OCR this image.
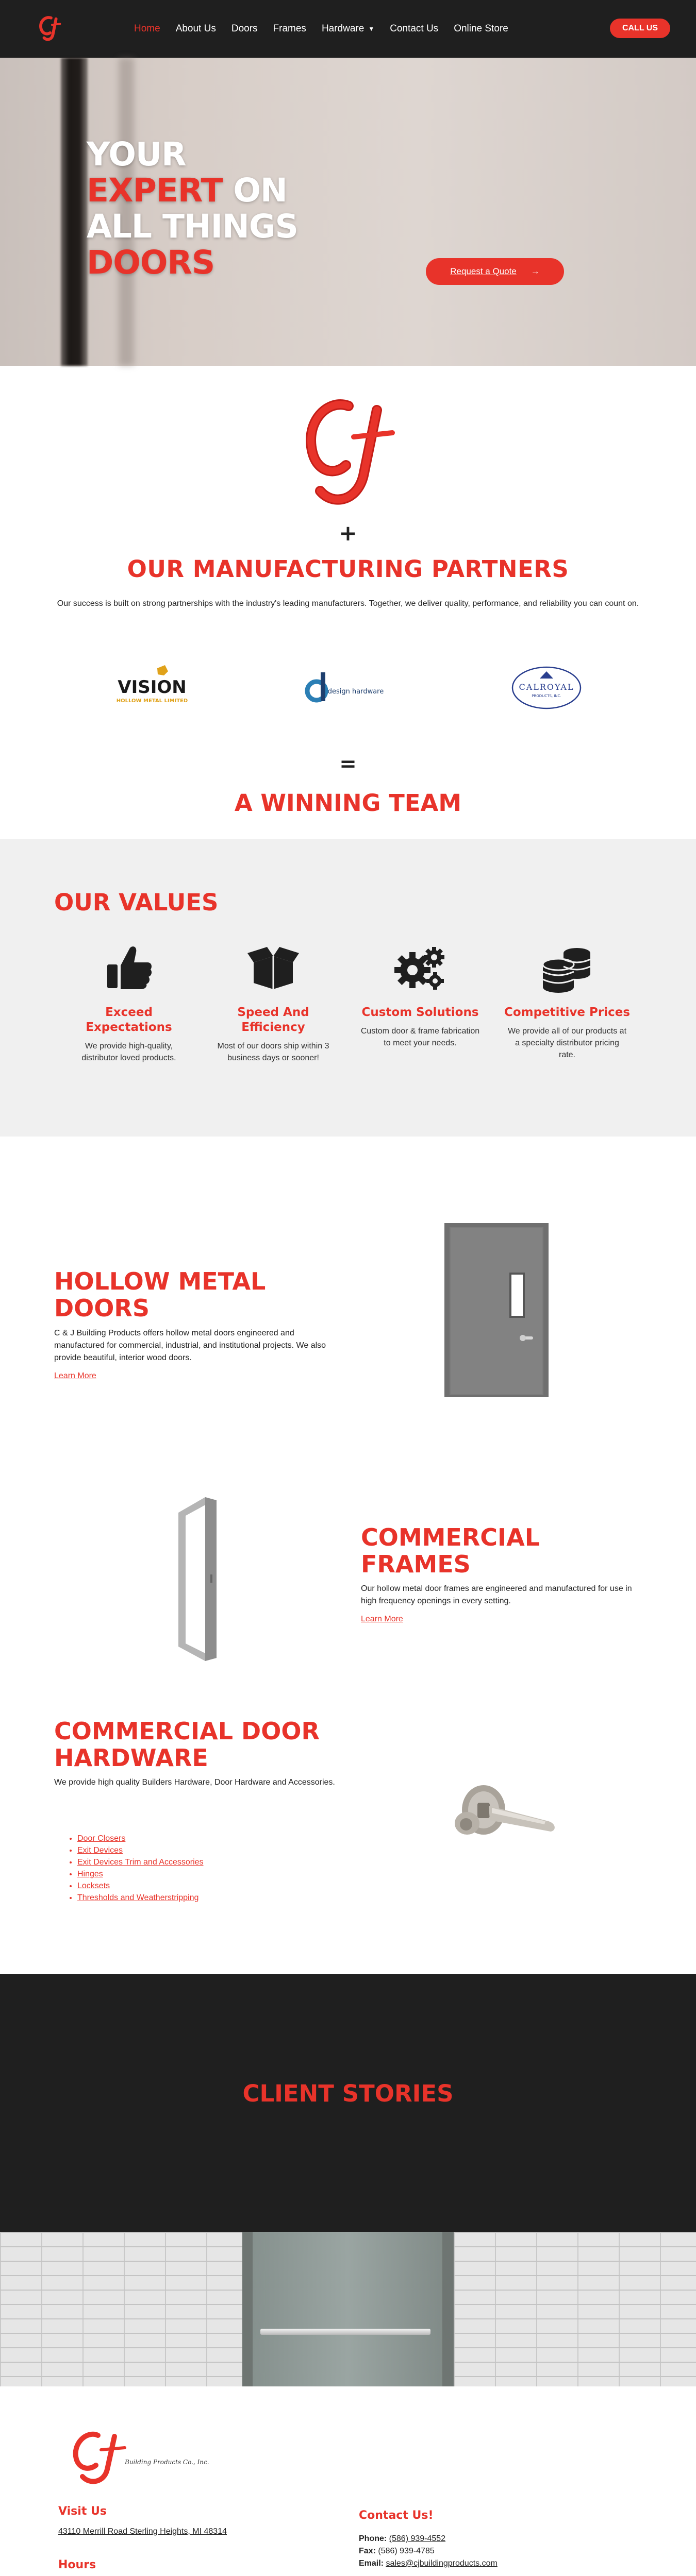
Home About Us Doors Frames Hardware ▼ Contact Us Online Store	CALL US
YOUR
EXPERT ON
ALL THINGS
DOORS	Request a Quote →
+
OUR MANUFACTURING PARTNERS

Our success is built on strong partnerships with the industry's leading manufacturers. Together, we deliver quality, performance, and reliability you can count on.

VISION
HOLLOW METAL LIMITED
design hardware	CALROYAL
PRODUCTS, INC.
=
A WINNING TEAM
OUR VALUES
Exceed Expectations
We provide high-quality, distributor loved products.
Speed And Efficiency
Most of our doors ship within 3 business days or sooner!
Custom Solutions
Custom door & frame fabrication to meet your needs.
Competitive Prices
We provide all of our products at a specialty distributor pricing rate.
HOLLOW METAL DOORS

C & J Building Products offers hollow metal doors engineered and manufactured for commercial, industrial, and institutional projects. We also provide beautiful, interior wood doors.

Learn More
COMMERCIAL FRAMES

Our hollow metal door frames are engineered and manufactured for use in high frequency openings in every setting.

Learn More
COMMERCIAL DOOR HARDWARE

We provide high quality Builders Hardware, Door Hardware and Accessories.

• Door Closers
• Exit Devices
• Exit Devices Trim and Accessories
• Hinges
• Locksets
• Thresholds and Weatherstripping
CLIENT STORIES
Building Products Co., Inc.
Visit Us
43110 Merrill Road Sterling Heights, MI 48314
Hours
Contact Us!
Phone: (586) 939-4552
Fax: (586) 939-4785
Email: sales@cjbuildingproducts.com
